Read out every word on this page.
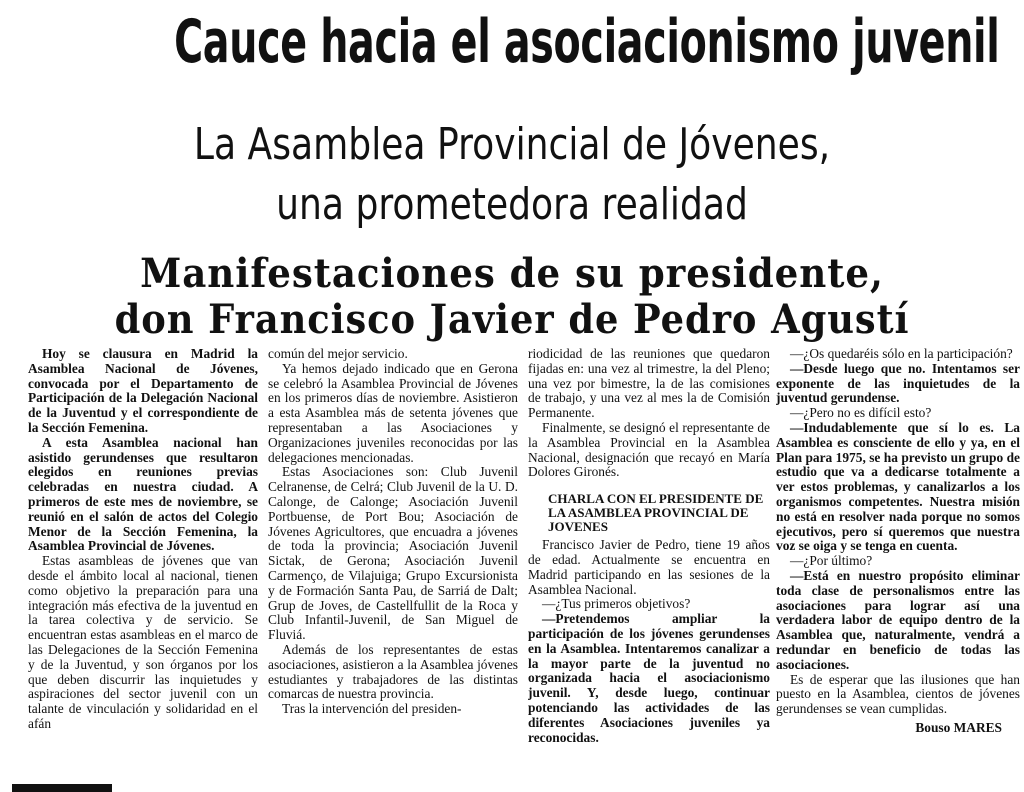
Cauce hacia el asociacionismo juvenil
La Asamblea Provincial de Jóvenes,
una prometedora realidad
Manifestaciones de su presidente,
don Francisco Javier de Pedro Agustí

Hoy se clausura en Madrid la Asamblea Nacional de Jóvenes, convocada por el Departamento de Participación de la Delegación Nacional de la Juventud y el correspondiente de la Sección Femenina.

A esta Asamblea nacional han asistido gerundenses que resultaron elegidos en reuniones previas celebradas en nuestra ciudad. A primeros de este mes de noviembre, se reunió en el salón de actos del Colegio Menor de la Sección Femenina, la Asamblea Provincial de Jóvenes.

Estas asambleas de jóvenes que van desde el ámbito local al nacional, tienen como objetivo la preparación para una integración más efectiva de la juventud en la tarea colectiva y de servicio. Se encuentran estas asambleas en el marco de las Delegaciones de la Sección Femenina y de la Juventud, y son órganos por los que deben discurrir las inquietudes y aspiraciones del sector juvenil con un talante de vinculación y solidaridad en el afán

común del mejor servicio.

Ya hemos dejado indicado que en Gerona se celebró la Asamblea Provincial de Jóvenes en los primeros días de noviembre. Asistieron a esta Asamblea más de setenta jóvenes que representaban a las Asociaciones y Organizaciones juveniles reconocidas por las delegaciones mencionadas.

Estas Asociaciones son: Club Juvenil Celranense, de Celrá; Club Juvenil de la U. D. Calonge, de Calonge; Asociación Juvenil Portbuense, de Port Bou; Asociación de Jóvenes Agricultores, que encuadra a jóvenes de toda la provincia; Asociación Juvenil Sictak, de Gerona; Asociación Juvenil Carmenço, de Vilajuiga; Grupo Excursionista y de Formación Santa Pau, de Sarriá de Dalt; Grup de Joves, de Castellfullit de la Roca y Club Infantil-Juvenil, de San Miguel de Fluviá.

Además de los representantes de estas asociaciones, asistieron a la Asamblea jóvenes estudiantes y trabajadores de las distintas comarcas de nuestra provincia.

Tras la intervención del presiden-

riodicidad de las reuniones que quedaron fijadas en: una vez al trimestre, la del Pleno; una vez por bimestre, la de las comisiones de trabajo, y una vez al mes la de Comisión Permanente.

Finalmente, se designó el representante de la Asamblea Provincial en la Asamblea Nacional, designación que recayó en María Dolores Gironés.

CHARLA CON EL PRESIDENTE DE LA ASAMBLEA PROVINCIAL DE JOVENES

Francisco Javier de Pedro, tiene 19 años de edad. Actualmente se encuentra en Madrid participando en las sesiones de la Asamblea Nacional.

—¿Tus primeros objetivos?

—Pretendemos ampliar la participación de los jóvenes gerundenses en la Asamblea. Intentaremos canalizar a la mayor parte de la juventud no organizada hacia el asociacionismo juvenil. Y, desde luego, continuar potenciando las actividades de las diferentes Asociaciones juveniles ya reconocidas.

—¿Os quedaréis sólo en la participación?

—Desde luego que no. Intentamos ser exponente de las inquietudes de la juventud gerundense.

—¿Pero no es difícil esto?

—Indudablemente que sí lo es. La Asamblea es consciente de ello y ya, en el Plan para 1975, se ha previsto un grupo de estudio que va a dedicarse totalmente a ver estos problemas, y canalizarlos a los organismos competentes. Nuestra misión no está en resolver nada porque no somos ejecutivos, pero sí queremos que nuestra voz se oiga y se tenga en cuenta.

—¿Por último?

—Está en nuestro propósito eliminar toda clase de personalismos entre las asociaciones para lograr así una verdadera labor de equipo dentro de la Asamblea que, naturalmente, vendrá a redundar en beneficio de todas las asociaciones.

Es de esperar que las ilusiones que han puesto en la Asamblea, cientos de jóvenes gerundenses se vean cumplidas.

Bouso MARES
